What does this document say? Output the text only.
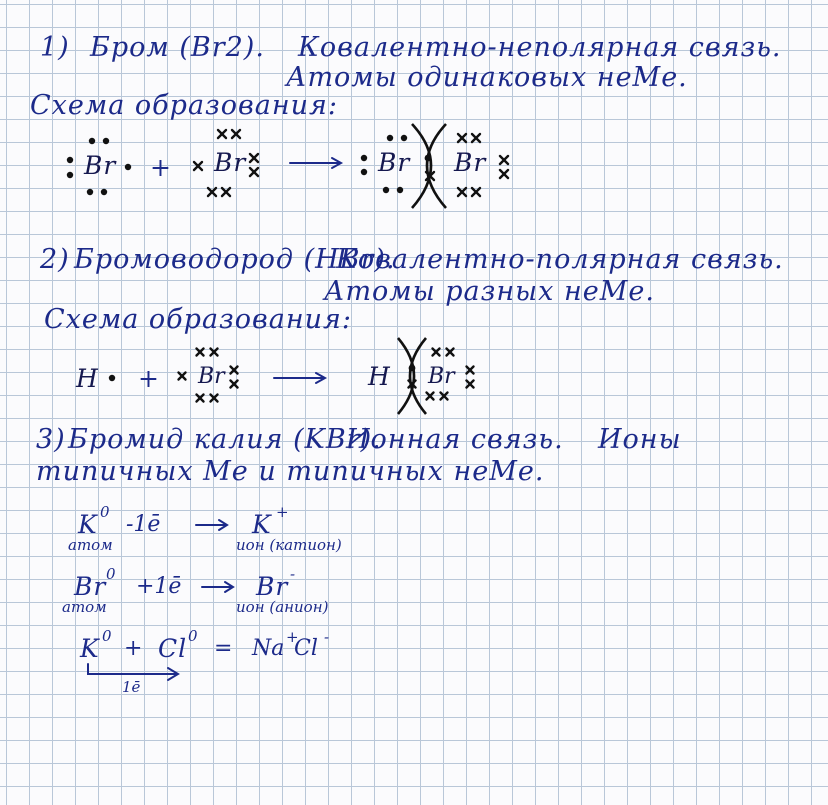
1) Бром (Br2). Ковалентно-неполярная связь.
Атомы одинаковых неМе.
Схема образования:
Br + Br	Br Br
2) Бромоводород (HBr).
Ковалентно-полярная связь.
Атомы разных неМе.
Схема образования:
H + Br	H Br
3) Бромид калия (KBr).
Ионная связь. Ионы
типичных Ме и типичных неМе.
K 0
атом
-1ē	K +
ион (катион)
Br 0
атом
+1ē	Br -
ион (анион)
K 0 + Cl 0 = Na +
Cl -
1ē
